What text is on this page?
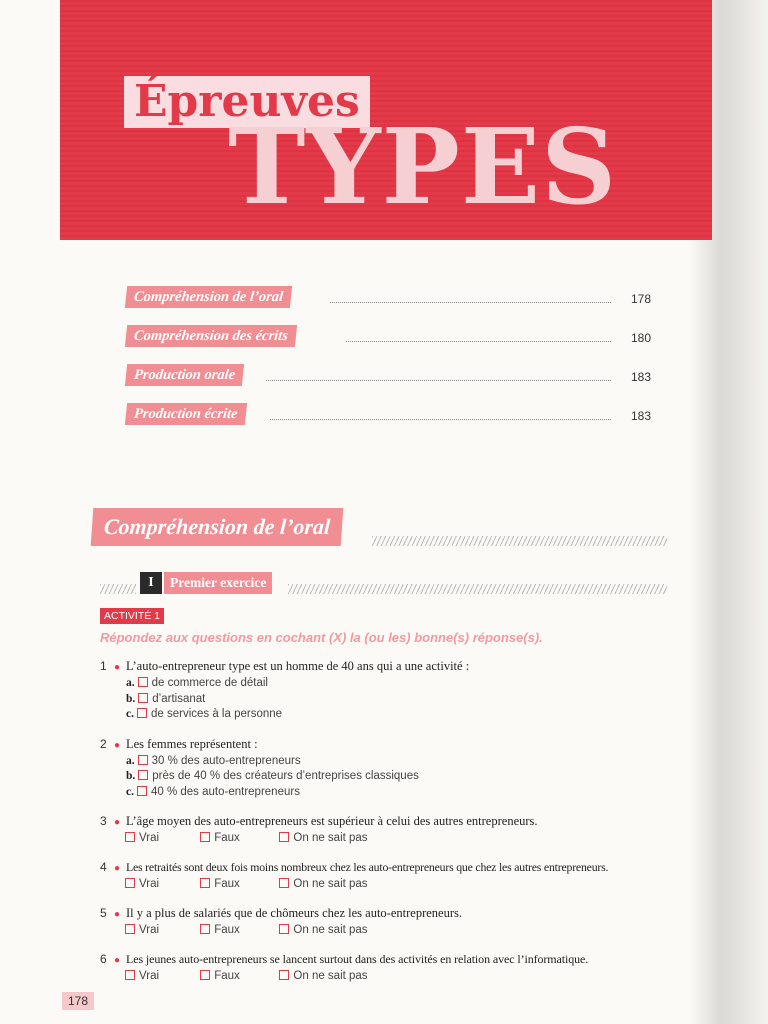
Épreuves
TYPES
Compréhension de l’oral	178
Compréhension des écrits	180
Production orale	183
Production écrite	183
Compréhension de l’oral
I	Premier exercice
ACTIVITÉ 1
Répondez aux questions en cochant (X) la (ou les) bonne(s) réponse(s).
1 ● L’auto-entrepreneur type est un homme de 40 ans qui a une activité :
a. de commerce de détail
b. d’artisanat
c. de services à la personne
2 ● Les femmes représentent :
a. 30 % des auto-entrepreneurs
b. près de 40 % des créateurs d’entreprises classiques
c. 40 % des auto-entrepreneurs
3 ● L’âge moyen des auto-entrepreneurs est supérieur à celui des autres entrepreneurs.
Vrai	Faux	On ne sait pas
4 ● Les retraités sont deux fois moins nombreux chez les auto-entrepreneurs que chez les autres entrepreneurs.
Vrai	Faux	On ne sait pas
5 ● Il y a plus de salariés que de chômeurs chez les auto-entrepreneurs.
Vrai	Faux	On ne sait pas
6 ● Les jeunes auto-entrepreneurs se lancent surtout dans des activités en relation avec l’informatique.
Vrai	Faux	On ne sait pas
178
